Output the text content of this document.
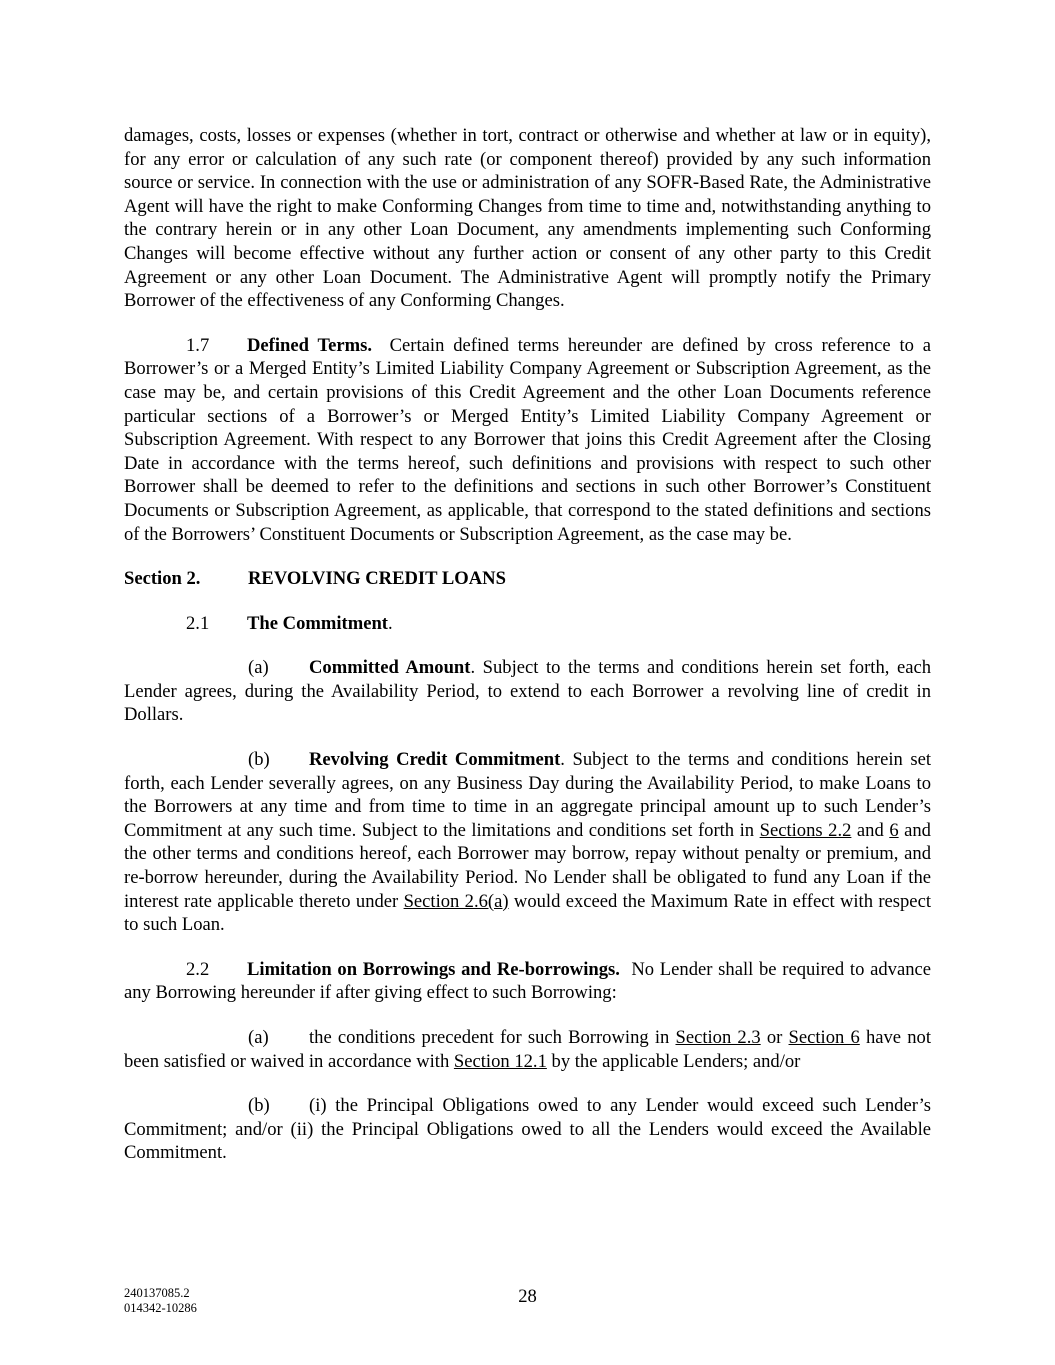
damages, costs, losses or expenses (whether in tort, contract or otherwise and whether at law or in equity), for any error or calculation of any such rate (or component thereof) provided by any such information source or service. In connection with the use or administration of any SOFR-Based Rate, the Administrative Agent will have the right to make Conforming Changes from time to time and, notwithstanding anything to the contrary herein or in any other Loan Document, any amendments implementing such Conforming Changes will become effective without any further action or consent of any other party to this Credit Agreement or any other Loan Document. The Administrative Agent will promptly notify the Primary Borrower of the effectiveness of any Conforming Changes.

1.7 Defined Terms. Certain defined terms hereunder are defined by cross reference to a Borrower’s or a Merged Entity’s Limited Liability Company Agreement or Subscription Agreement, as the case may be, and certain provisions of this Credit Agreement and the other Loan Documents reference particular sections of a Borrower’s or Merged Entity’s Limited Liability Company Agreement or Subscription Agreement. With respect to any Borrower that joins this Credit Agreement after the Closing Date in accordance with the terms hereof, such definitions and provisions with respect to such other Borrower shall be deemed to refer to the definitions and sections in such other Borrower’s Constituent Documents or Subscription Agreement, as applicable, that correspond to the stated definitions and sections of the Borrowers’ Constituent Documents or Subscription Agreement, as the case may be.

Section 2.	REVOLVING CREDIT LOANS

2.1 The Commitment.

(a) Committed Amount. Subject to the terms and conditions herein set forth, each Lender agrees, during the Availability Period, to extend to each Borrower a revolving line of credit in Dollars.

(b) Revolving Credit Commitment. Subject to the terms and conditions herein set forth, each Lender severally agrees, on any Business Day during the Availability Period, to make Loans to the Borrowers at any time and from time to time in an aggregate principal amount up to such Lender’s Commitment at any such time. Subject to the limitations and conditions set forth in Sections 2.2 and 6 and the other terms and conditions hereof, each Borrower may borrow, repay without penalty or premium, and re-borrow hereunder, during the Availability Period. No Lender shall be obligated to fund any Loan if the interest rate applicable thereto under Section 2.6(a) would exceed the Maximum Rate in effect with respect to such Loan.

2.2 Limitation on Borrowings and Re-borrowings. No Lender shall be required to advance any Borrowing hereunder if after giving effect to such Borrowing:

(a) the conditions precedent for such Borrowing in Section 2.3 or Section 6 have not been satisfied or waived in accordance with Section 12.1 by the applicable Lenders; and/or

(b) (i) the Principal Obligations owed to any Lender would exceed such Lender’s Commitment; and/or (ii) the Principal Obligations owed to all the Lenders would exceed the Available Commitment.

240137085.2
014342-10286
28
